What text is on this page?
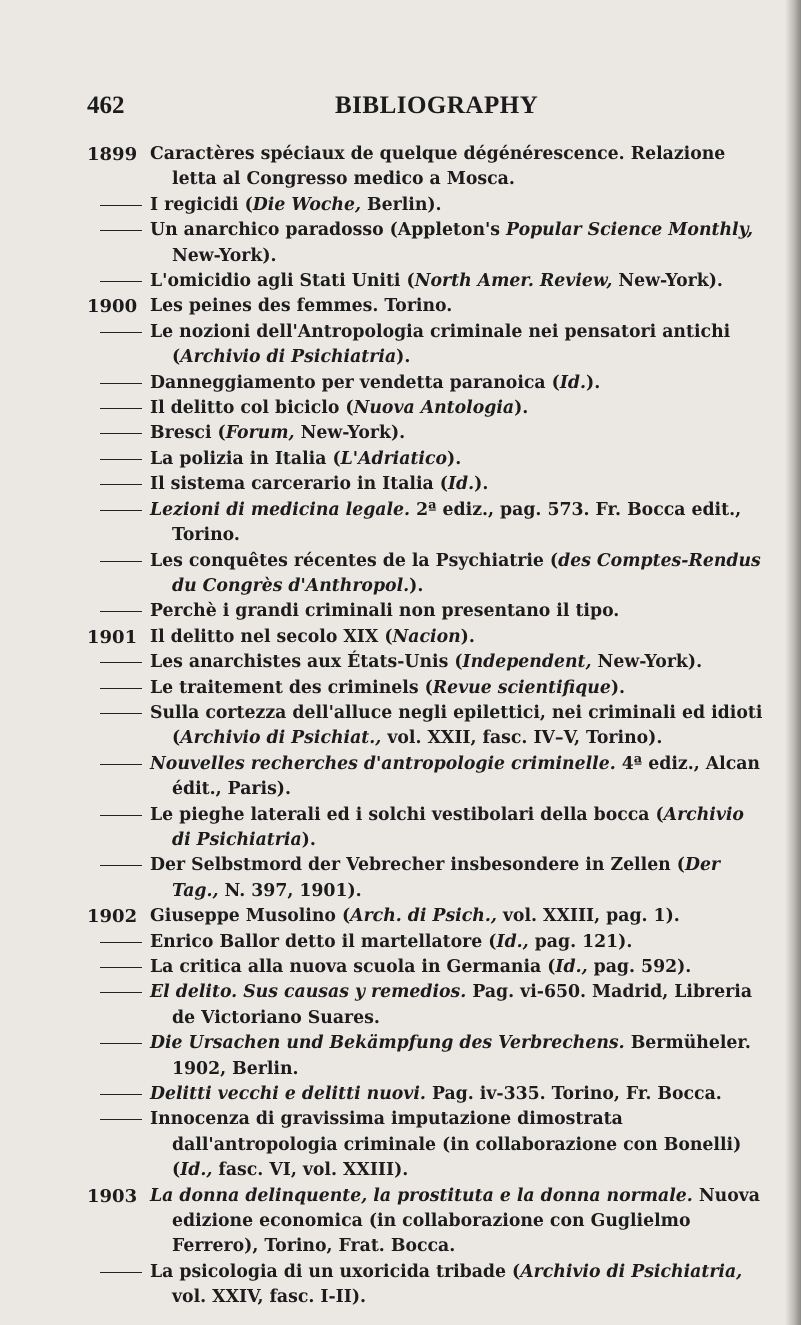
462	BIBLIOGRAPHY
1899 Caractères spéciaux de quelque dégénérescence. Relazione letta al Congresso medico a Mosca.
I regicidi (Die Woche, Berlin).
Un anarchico paradosso (Appleton's Popular Science Monthly, New-York).
L'omicidio agli Stati Uniti (North Amer. Review, New-York).
1900 Les peines des femmes. Torino.
Le nozioni dell'Antropologia criminale nei pensatori antichi (Archivio di Psichiatria).
Danneggiamento per vendetta paranoica (Id.).
Il delitto col biciclo (Nuova Antologia).
Bresci (Forum, New-York).
La polizia in Italia (L'Adriatico).
Il sistema carcerario in Italia (Id.).
Lezioni di medicina legale. 2ª ediz., pag. 573. Fr. Bocca edit., Torino.
Les conquêtes récentes de la Psychiatrie (des Comptes-Rendus du Congrès d'Anthropol.).
Perchè i grandi criminali non presentano il tipo.
1901 Il delitto nel secolo XIX (Nacion).
Les anarchistes aux États-Unis (Independent, New-York).
Le traitement des criminels (Revue scientifique).
Sulla cortezza dell'alluce negli epilettici, nei criminali ed idioti (Archivio di Psichiat., vol. XXII, fasc. IV–V, Torino).
Nouvelles recherches d'antropologie criminelle. 4ª ediz., Alcan édit., Paris).
Le pieghe laterali ed i solchi vestibolari della bocca (Archivio di Psichiatria).
Der Selbstmord der Vebrecher insbesondere in Zellen (Der Tag., N. 397, 1901).
1902 Giuseppe Musolino (Arch. di Psich., vol. XXIII, pag. 1).
Enrico Ballor detto il martellatore (Id., pag. 121).
La critica alla nuova scuola in Germania (Id., pag. 592).
El delito. Sus causas y remedios. Pag. vi-650. Madrid, Libreria de Victoriano Suares.
Die Ursachen und Bekämpfung des Verbrechens. Bermüheler. 1902, Berlin.
Delitti vecchi e delitti nuovi. Pag. iv-335. Torino, Fr. Bocca.
Innocenza di gravissima imputazione dimostrata dall'antropologia criminale (in collaborazione con Bonelli) (Id., fasc. VI, vol. XXIII).
1903 La donna delinquente, la prostituta e la donna normale. Nuova edizione economica (in collaborazione con Guglielmo Ferrero), Torino, Frat. Bocca.
La psicologia di un uxoricida tribade (Archivio di Psichiatria, vol. XXIV, fasc. I-II).
